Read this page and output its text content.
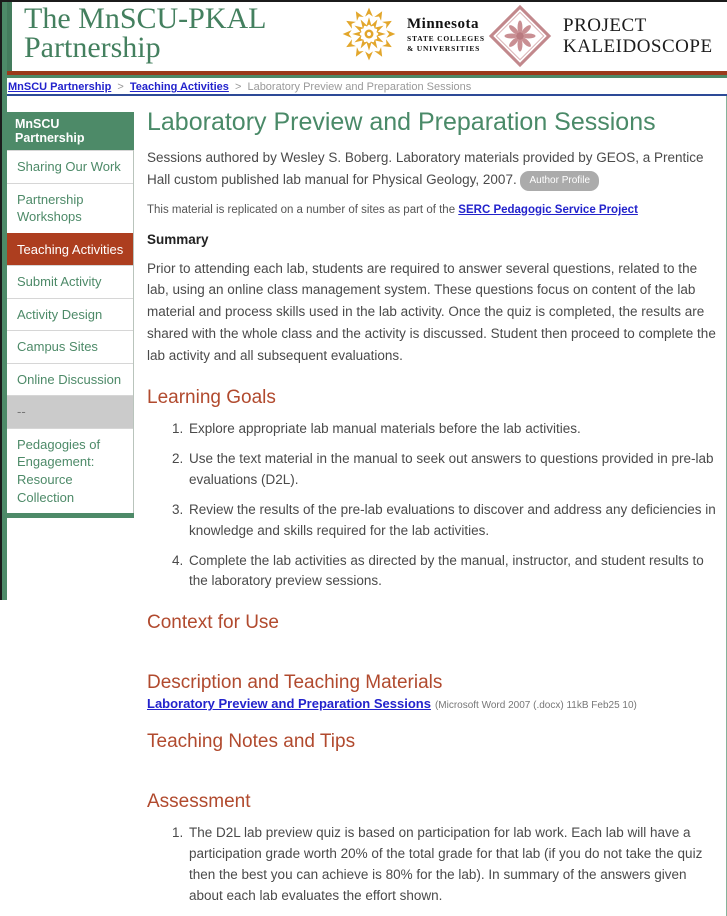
The MnSCU-PKAL
Partnership
Minnesota
STATE COLLEGES
& UNIVERSITIES
PROJECT
KALEIDOSCOPE
MnSCU Partnership > Teaching Activities > Laboratory Preview and Preparation Sessions
MnSCU Partnership
Sharing Our Work
Partnership Workshops
Teaching Activities
Submit Activity
Activity Design
Campus Sites
Online Discussion
--
Pedagogies of Engagement: Resource Collection
Laboratory Preview and Preparation Sessions

Sessions authored by Wesley S. Boberg. Laboratory materials provided by GEOS, a Prentice Hall custom published lab manual for Physical Geology, 2007. Author Profile

This material is replicated on a number of sites as part of the SERC Pedagogic Service Project

Summary

Prior to attending each lab, students are required to answer several questions, related to the lab, using an online class management system. These questions focus on content of the lab material and process skills used in the lab activity. Once the quiz is completed, the results are shared with the whole class and the activity is discussed. Student then proceed to complete the lab activity and all subsequent evaluations.

Learning Goals
1. Explore appropriate lab manual materials before the lab activities.
2. Use the text material in the manual to seek out answers to questions provided in pre-lab evaluations (D2L).
3. Review the results of the pre-lab evaluations to discover and address any deficiencies in knowledge and skills required for the lab activities.
4. Complete the lab activities as directed by the manual, instructor, and student results to the laboratory preview sessions.
Context for Use
Description and Teaching Materials

Laboratory Preview and Preparation Sessions (Microsoft Word 2007 (.docx) 11kB Feb25 10)

Teaching Notes and Tips
Assessment
1. The D2L lab preview quiz is based on participation for lab work. Each lab will have a participation grade worth 20% of the total grade for that lab (if you do not take the quiz then the best you can achieve is 80% for the lab). In summary of the answers given about each lab evaluates the effort shown.
